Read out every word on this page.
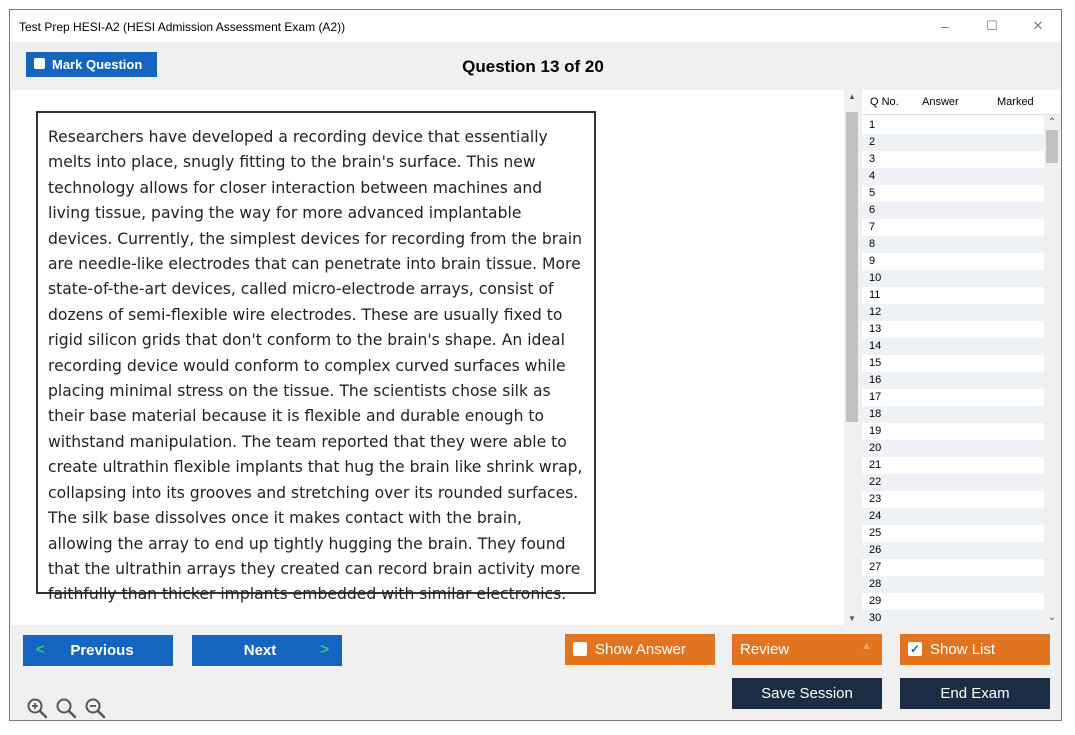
Test Prep HESI-A2 (HESI Admission Assessment Exam (A2))	–	☐	✕
Mark Question	Question 13 of 20
Researchers have developed a recording device that essentially melts into place, snugly fitting to the brain's surface. This new technology allows for closer interaction between machines and living tissue, paving the way for more advanced implantable devices. Currently, the simplest devices for recording from the brain are needle-like electrodes that can penetrate into brain tissue. More state-of-the-art devices, called micro-electrode arrays, consist of dozens of semi-flexible wire electrodes. These are usually fixed to rigid silicon grids that don't conform to the brain's shape. An ideal recording device would conform to complex curved surfaces while placing minimal stress on the tissue. The scientists chose silk as their base material because it is flexible and durable enough to withstand manipulation. The team reported that they were able to create ultrathin flexible implants that hug the brain like shrink wrap, collapsing into its grooves and stretching over its rounded surfaces. The silk base dissolves once it makes contact with the brain, allowing the array to end up tightly hugging the brain. They found that the ultrathin arrays they created can record brain activity more faithfully than thicker implants embedded with similar electronics.
▲
▼
Q No. Answer	Marked
1
2
3
4
5
6
7
8
9
10
11
12
13
14
15
16
17
18
19
20
21
22
23
24
25
26
27
28
29
30
⌃
⌄
< Previous	Next	>	Show Answer	Review	▲	✓ Show List
Save Session	End Exam
